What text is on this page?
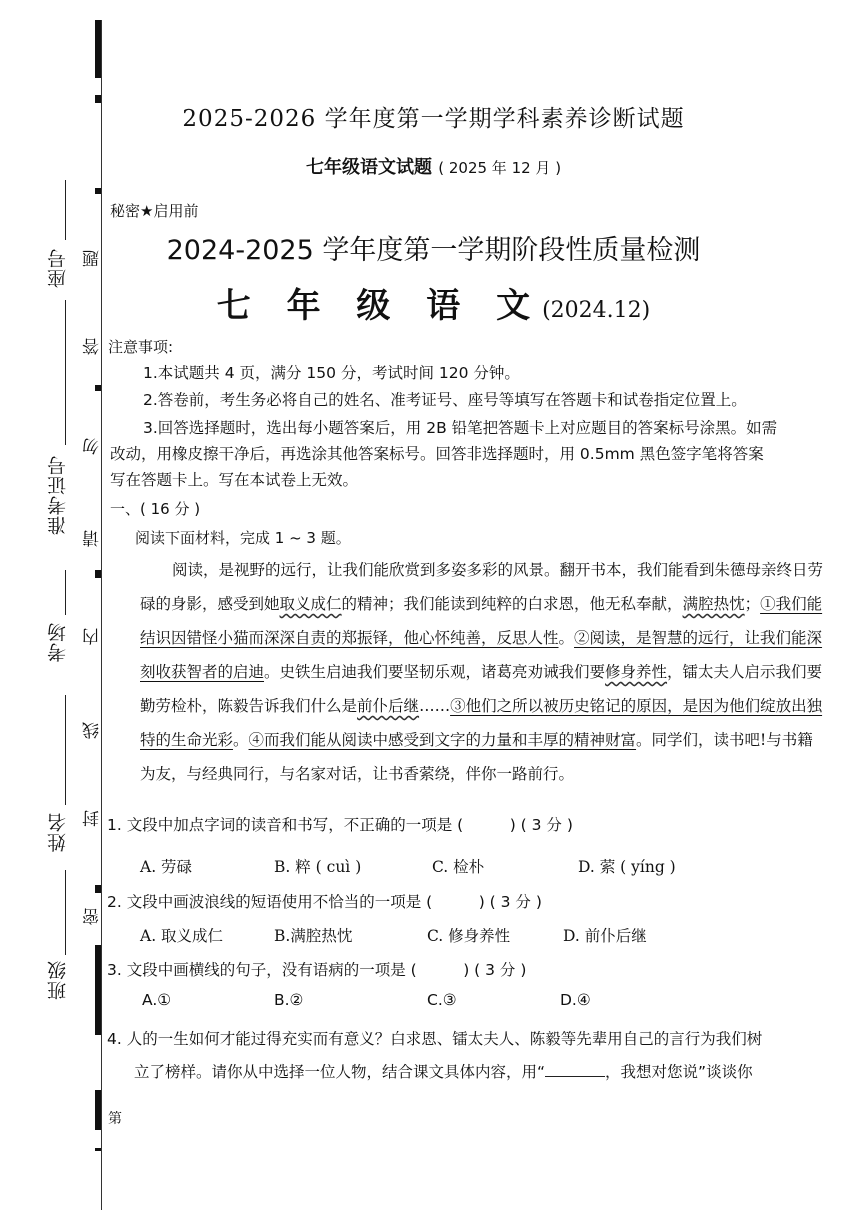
座号
准考证号
考场
姓名
班级
题
答
勿
请
内
线
封
密
第
2025-2026 学年度第一学期学科素养诊断试题
七年级语文试题 ( 2025 年 12 月 )
秘密★启用前
2024-2025 学年度第一学期阶段性质量检测
七 年 级 语 文(2024.12)
注意事项:
1.本试题共 4 页，满分 150 分，考试时间 120 分钟。
2.答卷前，考生务必将自己的姓名、准考证号、座号等填写在答题卡和试卷指定位置上。
3.回答选择题时，选出每小题答案后，用 2B 铅笔把答题卡上对应题目的答案标号涂黑。如需
改动，用橡皮擦干净后，再选涂其他答案标号。回答非选择题时，用 0.5mm 黑色签字笔将答案
写在答题卡上。写在本试卷上无效。
一、( 16 分 )
阅读下面材料，完成 1 ~ 3 题。
阅读，是视野的远行，让我们能欣赏到多姿多彩的风景。翻开书本，我们能看到朱德母亲终日劳碌的身影，感受到她取义成仁的精神；我们能读到纯粹的白求恩，他无私奉献，满腔热忱；①我们能结识因错怪小猫而深深自责的郑振铎，他心怀纯善，反思人性。②阅读，是智慧的远行，让我们能深刻收获智者的启迪。史铁生启迪我们要坚韧乐观，诸葛亮劝诫我们要修身养性，镭太夫人启示我们要勤劳检朴，陈毅告诉我们什么是前仆后继……③他们之所以被历史铭记的原因，是因为他们绽放出独特的生命光彩。④而我们能从阅读中感受到文字的力量和丰厚的精神财富。同学们，读书吧!与书籍为友，与经典同行，与名家对话，让书香萦绕，伴你一路前行。
1. 文段中加点字词的读音和书写，不正确的一项是 (　　　) ( 3 分 )
A. 劳碌	B. 粹 ( cuì )	C. 检朴	D. 萦 ( yíng )
2. 文段中画波浪线的短语使用不恰当的一项是 (　　　) ( 3 分 )
A. 取义成仁	B.满腔热忱	C. 修身养性	D. 前仆后继
3. 文段中画横线的句子，没有语病的一项是 (　　　) ( 3 分 )
A.①	B.②	C.③	D.④
4. 人的一生如何才能过得充实而有意义？白求恩、镭太夫人、陈毅等先辈用自己的言行为我们树
立了榜样。请你从中选择一位人物，结合课文具体内容，用“	，我想对您说”谈谈你
